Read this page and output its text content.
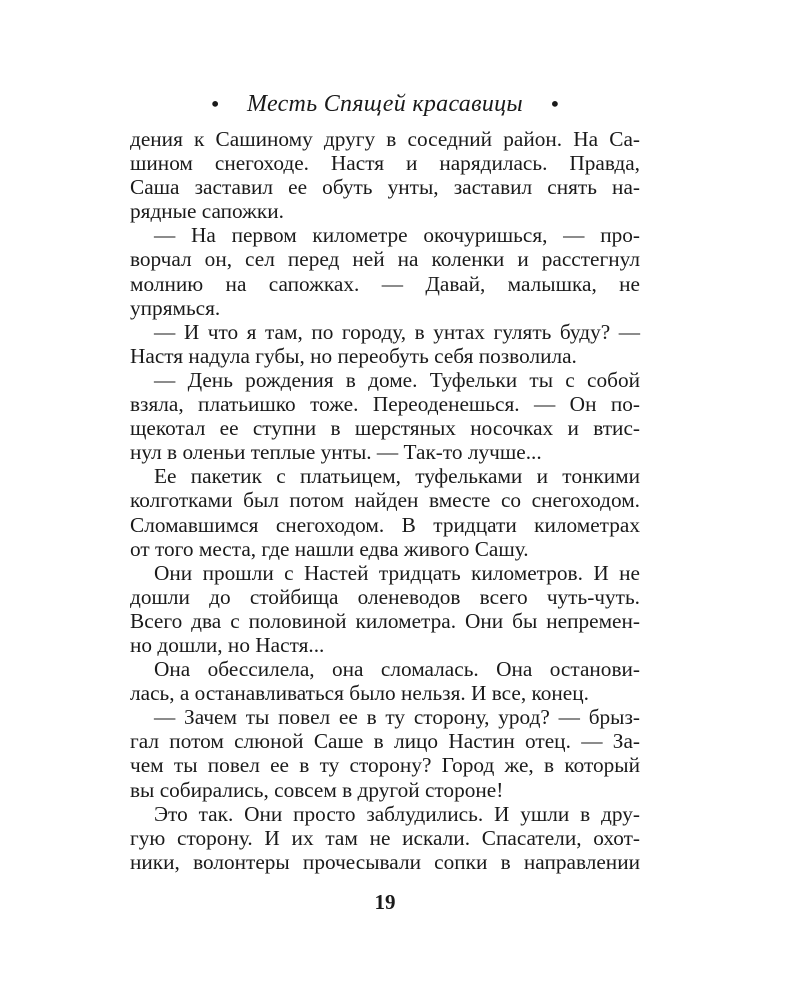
• Месть Спящей красавицы •
дения к Сашиному другу в соседний район. На Са-
шином снегоходе. Настя и нарядилась. Правда,
Саша заставил ее обуть унты, заставил снять на-
рядные сапожки.
— На первом километре окочуришься, — про-
ворчал он, сел перед ней на коленки и расстегнул
молнию на сапожках. — Давай, малышка, не
упрямься.
— И что я там, по городу, в унтах гулять буду? —
Настя надула губы, но переобуть себя позволила.
— День рождения в доме. Туфельки ты с собой
взяла, платьишко тоже. Переоденешься. — Он по-
щекотал ее ступни в шерстяных носочках и втис-
нул в оленьи теплые унты. — Так-то лучше...
Ее пакетик с платьицем, туфельками и тонкими
колготками был потом найден вместе со снегоходом.
Сломавшимся снегоходом. В тридцати километрах
от того места, где нашли едва живого Сашу.
Они прошли с Настей тридцать километров. И не
дошли до стойбища оленеводов всего чуть-чуть.
Всего два с половиной километра. Они бы непремен-
но дошли, но Настя...
Она обессилела, она сломалась. Она останови-
лась, а останавливаться было нельзя. И все, конец.
— Зачем ты повел ее в ту сторону, урод? — брыз-
гал потом слюной Саше в лицо Настин отец. — За-
чем ты повел ее в ту сторону? Город же, в который
вы собирались, совсем в другой стороне!
Это так. Они просто заблудились. И ушли в дру-
гую сторону. И их там не искали. Спасатели, охот-
ники, волонтеры прочесывали сопки в направлении
19
